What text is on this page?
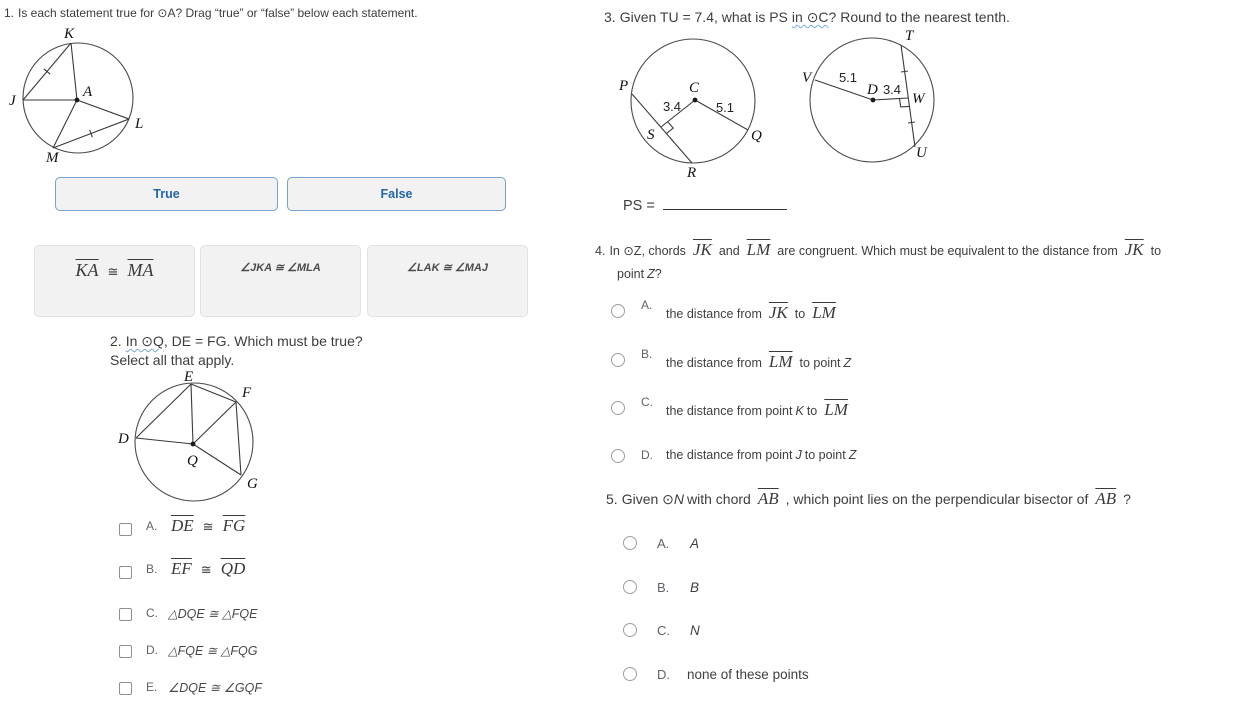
1. Is each statement true for ⊙A? Drag “true” or “false” below each statement.
K
J
A
L
M
True	False
$\overline{KA}$ ≅ $\overline{MA}$	∠JKA ≅ ∠MLA	∠LAK ≅ ∠MAJ
2. In ⊙Q, DE = FG. Which must be true?
Select all that apply.
E
F
D
G
Q
A. $\overline{DE}$ ≅ $\overline{FG}$
B. $\overline{EF}$ ≅ $\overline{QD}$
C. △DQE ≅ △FQE
D. △FQE ≅ △FQG
E. ∠DQE ≅ ∠GQF
3. Given TU = 7.4, what is PS in ⊙C? Round to the nearest tenth.
P	C
S	Q
R
3.4	5.1
V
D
W
T
U
5.1
3.4
PS =
4. In ⊙Z, chords $\overline{JK}$ and $\overline{LM}$ are congruent. Which must be equivalent to the distance from $\overline{JK}$ to
point Z?
A.
the distance from $\overline{JK}$ to $\overline{LM}$
B.
the distance from $\overline{LM}$ to point Z
C.
the distance from point K to $\overline{LM}$
D. the distance from point J to point Z
5. Given ⊙N with chord $\overline{AB}$ , which point lies on the perpendicular bisector of $\overline{AB}$ ?
A. A
B. B
C. N
D. none of these points
